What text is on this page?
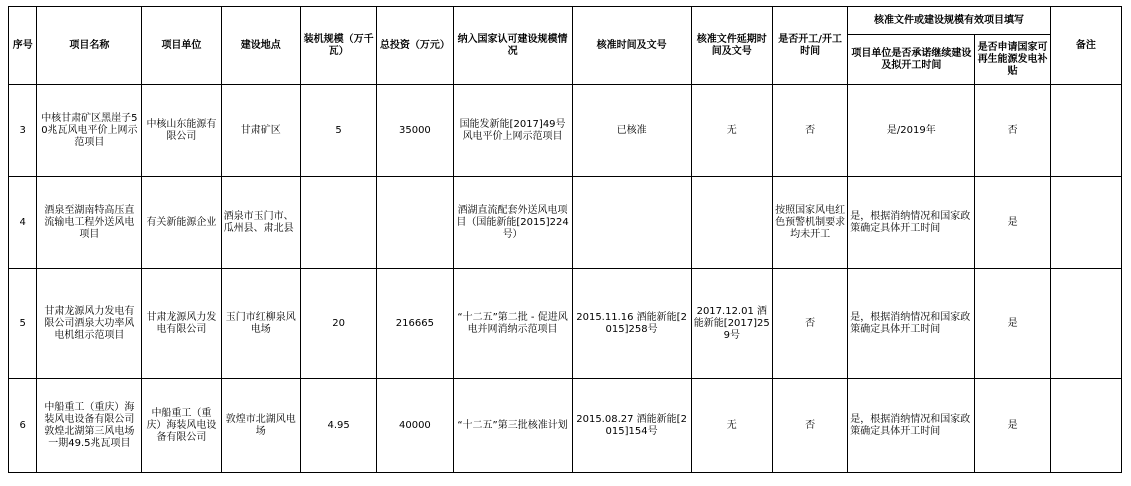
序号	项目名称	项目单位	建设地点	装机规模（万千瓦）	总投资（万元）	纳入国家认可建设规模情况	核准时间及文号	核准文件延期时间及文号	是否开工/开工时间	核准文件或建设规模有效项目填写		备注
										项目单位是否承诺继续建设及拟开工时间	是否申请国家可再生能源发电补贴	
3	中核甘肃矿区黑崖子50兆瓦风电平价上网示范项目	中核山东能源有限公司	甘肃矿区	5	35000	国能发新能[2017]49号风电平价上网示范项目	已核准	无	否	是/2019年	否	
4	酒泉至湖南特高压直流输电工程外送风电项目	有关新能源企业	酒泉市玉门市、瓜州县、肃北县			酒湖直流配套外送风电项目（国能新能[2015]224号）			按照国家风电红色预警机制要求均未开工	是，根据消纳情况和国家政策确定具体开工时间	是	
5	甘肃龙源风力发电有限公司酒泉大功率风电机组示范项目	甘肃龙源风力发电有限公司	玉门市红柳泉风电场	20	216665	“十二五”第二批 - 促进风电并网消纳示范项目	2015.11.16 酒能新能[2015]258号	2017.12.01 酒能新能[2017]259号	否	是，根据消纳情况和国家政策确定具体开工时间	是	
6	中船重工（重庆）海装风电设备有限公司敦煌北湖第三风电场一期49.5兆瓦项目	中船重工（重庆）海装风电设备有限公司	敦煌市北湖风电场	4.95	40000	“十二五”第三批核准计划	2015.08.27 酒能新能[2015]154号	无	否	是，根据消纳情况和国家政策确定具体开工时间	是	
